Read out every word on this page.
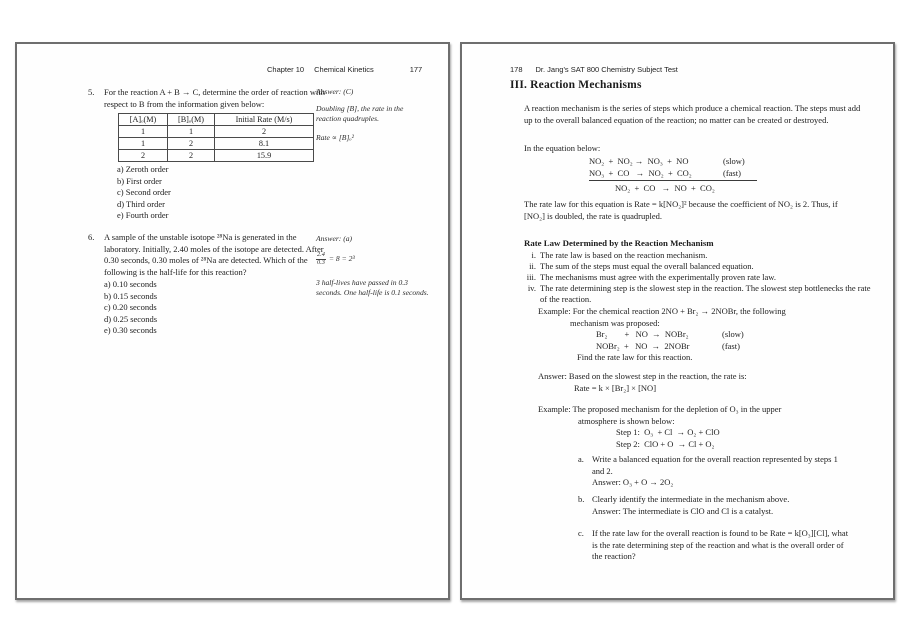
Chapter 10 Chemical Kinetics	177
5.	For the reaction A + B → C, determine the order of reaction with respect to B from the information given below:
[A]ₒ(M)	[B]ₒ(M)	Initial Rate (M/s)
1	1	2
1	2	8.1
2	2	15.9
a) Zeroth order
b) First order
c) Second order
d) Third order
e) Fourth order
Answer: (C)
Doubling [B], the rate in the reaction quadruples.
Rate ∝ [B]ₒ²
6.	A sample of the unstable isotope ²⁸Na is generated in the laboratory. Initially, 2.40 moles of the isotope are detected. After 0.30 seconds, 0.30 moles of ²⁸Na are detected. Which of the following is the half-life for this reaction?
a) 0.10 seconds
b) 0.15 seconds
c) 0.20 seconds
d) 0.25 seconds
e) 0.30 seconds
Answer: (a)
$\frac{2.4}{0.3} = 8 = 2^3$
3 half-lives have passed in 0.3 seconds. One half-life is 0.1 seconds.
178 Dr. Jang's SAT 800 Chemistry Subject Test
III. Reaction Mechanisms
A reaction mechanism is the series of steps which produce a chemical reaction. The steps must add up to the overall balanced equation of the reaction; no matter can be created or destroyed.
In the equation below:
NO₂  +  NO₂ →  NO₃  +  NO	(slow)
NO₃  +  CO   →  NO₂  +  CO₂	(fast)
NO₂  +  CO   →  NO  +  CO₂
The rate law for this equation is Rate = k[NO₂]² because the coefficient of NO₂ is 2. Thus, if [NO₂] is doubled, the rate is quadrupled.
Rate Law Determined by the Reaction Mechanism
i. The rate law is based on the reaction mechanism.
ii. The sum of the steps must equal the overall balanced equation.
iii. The mechanisms must agree with the experimentally proven rate law.
iv. The rate determining step is the slowest step in the reaction. The slowest step bottlenecks the rate of the reaction.
Example: For the chemical reaction 2NO + Br₂ → 2NOBr, the following
mechanism was proposed:
Br₂        +   NO  →  NOBr₂	(slow)
NOBr₂  +   NO  →  2NOBr	(fast)
Find the rate law for this reaction.
Answer: Based on the slowest step in the reaction, the rate is:
Rate = k × [Br₂] × [NO]
Example: The proposed mechanism for the depletion of O₃ in the upper
atmosphere is shown below:
Step 1:  O₃  + Cl  → O₂ + ClO
Step 2:  ClO + O  → Cl + O₂
a. Write a balanced equation for the overall reaction represented by steps 1 and 2.
Answer: O₃ + O → 2O₂
b. Clearly identify the intermediate in the mechanism above.
Answer: The intermediate is ClO and Cl is a catalyst.
c. If the rate law for the overall reaction is found to be Rate = k[O₃][Cl], what is the rate determining step of the reaction and what is the overall order of the reaction?
